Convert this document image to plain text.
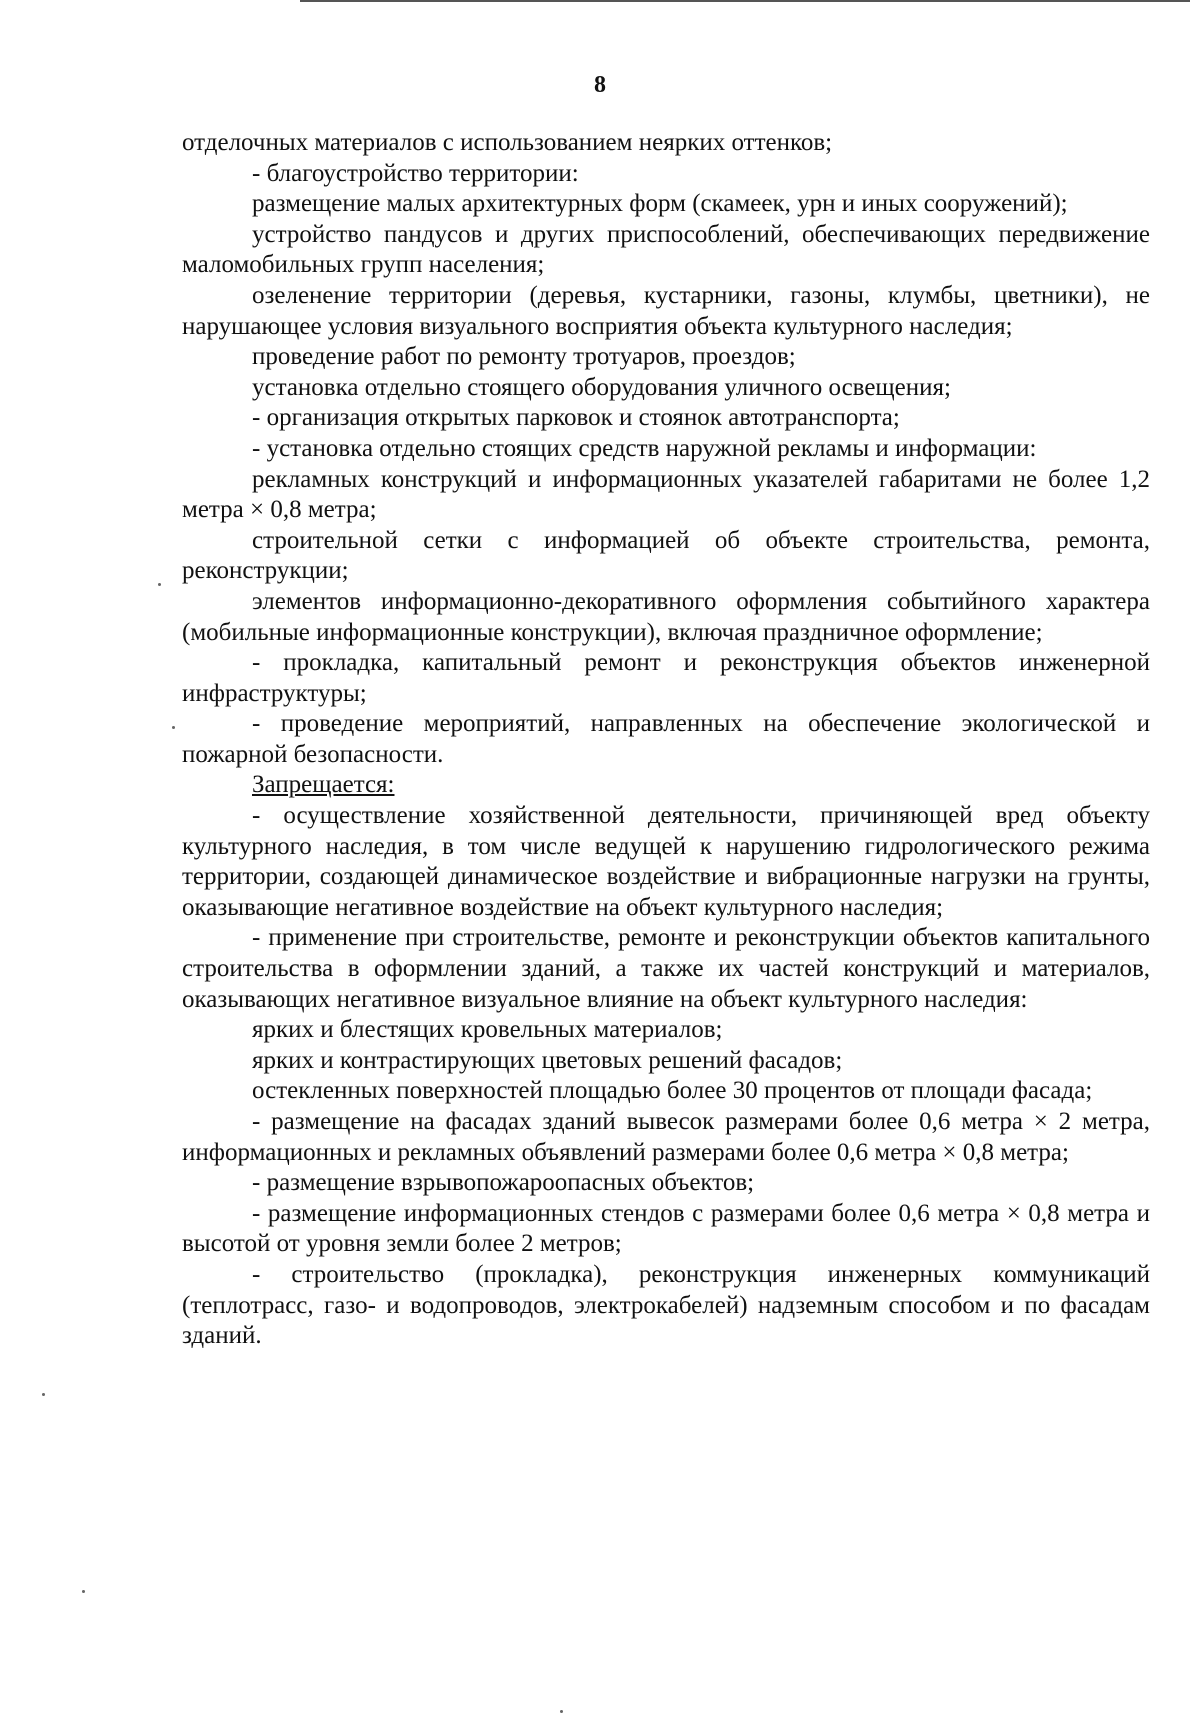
8

отделочных материалов с использованием неярких оттенков;

- благоустройство территории:

размещение малых архитектурных форм (скамеек, урн и иных сооружений);

устройство пандусов и других приспособлений, обеспечивающих передвижение маломобильных групп населения;

озеленение территории (деревья, кустарники, газоны, клумбы, цветники), не нарушающее условия визуального восприятия объекта культурного наследия;

проведение работ по ремонту тротуаров, проездов;

установка отдельно стоящего оборудования уличного освещения;

- организация открытых парковок и стоянок автотранспорта;

- установка отдельно стоящих средств наружной рекламы и информации:

рекламных конструкций и информационных указателей габаритами не более 1,2 метра × 0,8 метра;

строительной сетки с информацией об объекте строительства, ремонта, реконструкции;

элементов информационно-декоративного оформления событийного характера (мобильные информационные конструкции), включая праздничное оформление;

- прокладка, капитальный ремонт и реконструкция объектов инженерной инфраструктуры;

- проведение мероприятий, направленных на обеспечение экологической и пожарной безопасности.

Запрещается:

- осуществление хозяйственной деятельности, причиняющей вред объекту культурного наследия, в том числе ведущей к нарушению гидрологического режима территории, создающей динамическое воздействие и вибрационные нагрузки на грунты, оказывающие негативное воздействие на объект культурного наследия;

- применение при строительстве, ремонте и реконструкции объектов капитального строительства в оформлении зданий, а также их частей конструкций и материалов, оказывающих негативное визуальное влияние на объект культурного наследия:

ярких и блестящих кровельных материалов;

ярких и контрастирующих цветовых решений фасадов;

остекленных поверхностей площадью более 30 процентов от площади фасада;

- размещение на фасадах зданий вывесок размерами более 0,6 метра × 2 метра, информационных и рекламных объявлений размерами более 0,6 метра × 0,8 метра;

- размещение взрывопожароопасных объектов;

- размещение информационных стендов с размерами более 0,6 метра × 0,8 метра и высотой от уровня земли более 2 метров;

- строительство (прокладка), реконструкция инженерных коммуникаций (теплотрасс, газо- и водопроводов, электрокабелей) надземным способом и по фасадам зданий.
